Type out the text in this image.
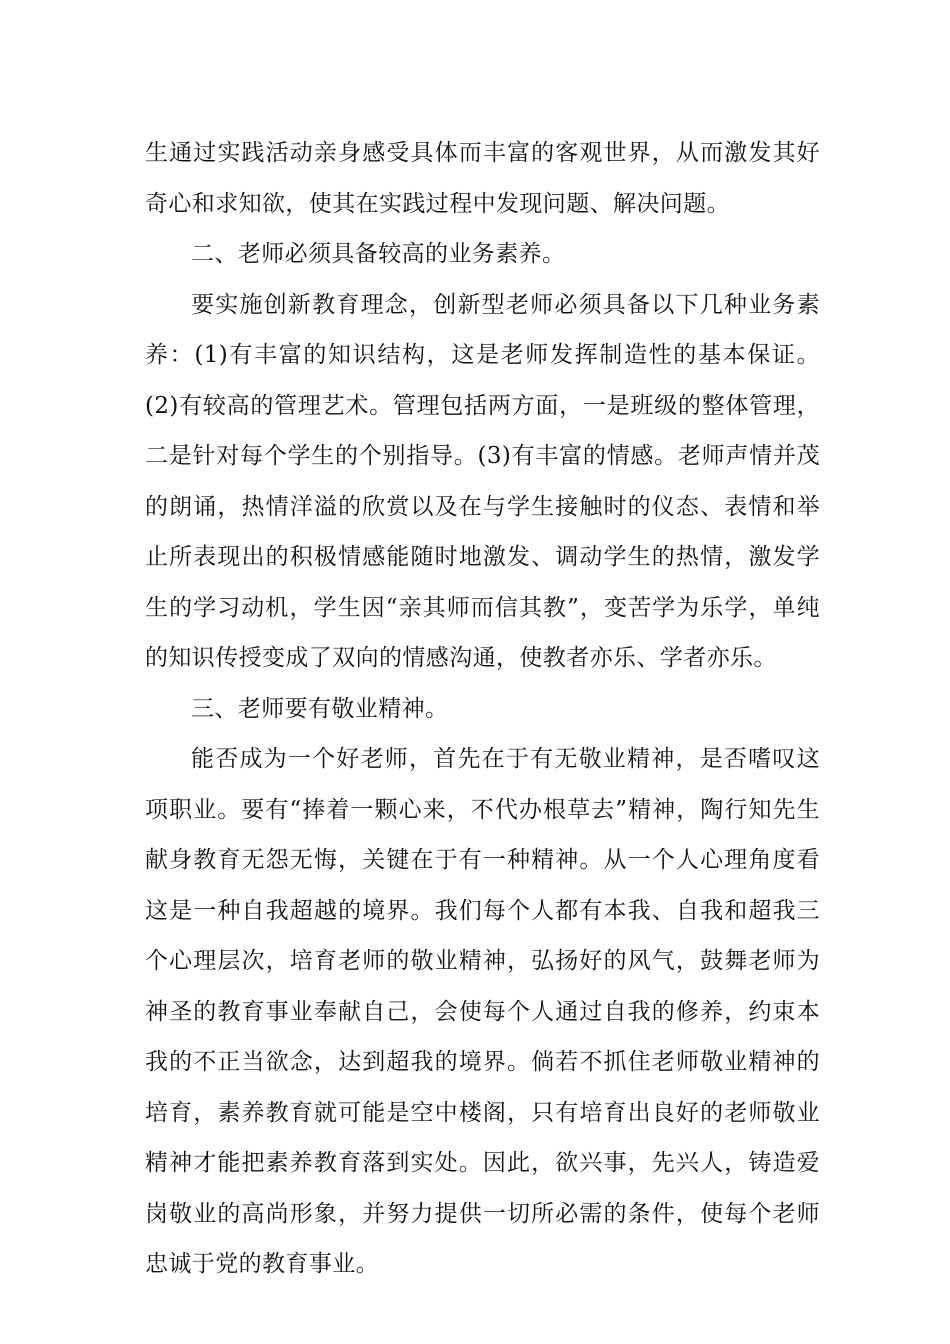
生通过实践活动亲身感受具体而丰富的客观世界，从而激发其好奇心和求知欲，使其在实践过程中发现问题、解决问题。

二、老师必须具备较高的业务素养。

要实施创新教育理念，创新型老师必须具备以下几种业务素养：(1)有丰富的知识结构，这是老师发挥制造性的基本保证。(2)有较高的管理艺术。管理包括两方面，一是班级的整体管理，二是针对每个学生的个别指导。(3)有丰富的情感。老师声情并茂的朗诵，热情洋溢的欣赏以及在与学生接触时的仪态、表情和举止所表现出的积极情感能随时地激发、调动学生的热情，激发学生的学习动机，学生因“亲其师而信其教”，变苦学为乐学，单纯的知识传授变成了双向的情感沟通，使教者亦乐、学者亦乐。

三、老师要有敬业精神。

能否成为一个好老师，首先在于有无敬业精神，是否嗜叹这项职业。要有“捧着一颗心来，不代办根草去”精神，陶行知先生献身教育无怨无悔，关键在于有一种精神。从一个人心理角度看这是一种自我超越的境界。我们每个人都有本我、自我和超我三个心理层次，培育老师的敬业精神，弘扬好的风气，鼓舞老师为神圣的教育事业奉献自己，会使每个人通过自我的修养，约束本我的不正当欲念，达到超我的境界。倘若不抓住老师敬业精神的培育，素养教育就可能是空中楼阁，只有培育出良好的老师敬业精神才能把素养教育落到实处。因此，欲兴事，先兴人，铸造爱岗敬业的高尚形象，并努力提供一切所必需的条件，使每个老师忠诚于党的教育事业。
